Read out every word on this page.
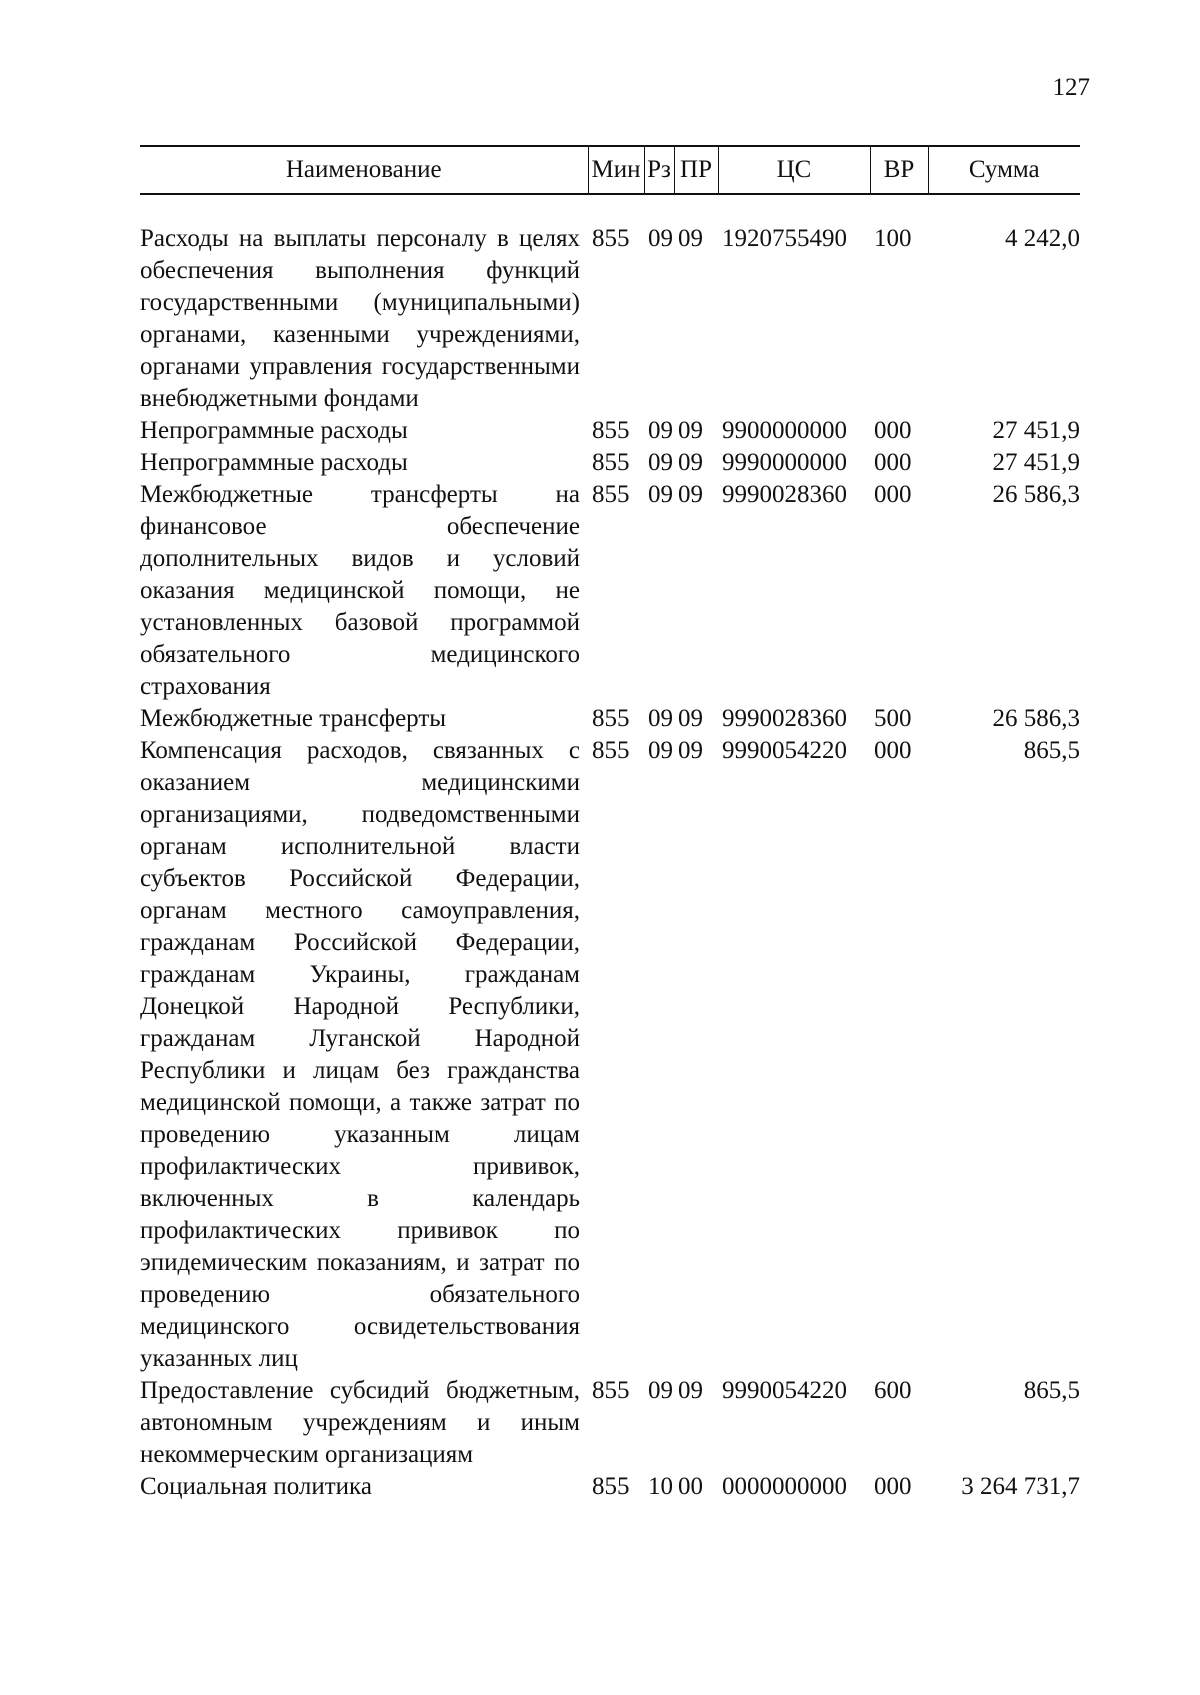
127
Наименование	Мин	Рз	ПР	ЦС	ВР	Сумма

Расходы на выплаты персоналу в целях обеспечения выполнения функций государственными (муниципальными) органами, казенными учреждениями, органами управления государственными внебюджетными фондами	855	09	09	1920755490	100	4 242,0
Непрограммные расходы	855	09	09	9900000000	000	27 451,9
Непрограммные расходы	855	09	09	9990000000	000	27 451,9
Межбюджетные трансферты на финансовое обеспечение дополнительных видов и условий оказания медицинской помощи, не установленных базовой программой обязательного медицинского страхования	855	09	09	9990028360	000	26 586,3
Межбюджетные трансферты	855	09	09	9990028360	500	26 586,3
Компенсация расходов, связанных с оказанием медицинскими организациями, подведомственными органам исполнительной власти субъектов Российской Федерации, органам местного самоуправления, гражданам Российской Федерации, гражданам Украины, гражданам Донецкой Народной Республики, гражданам Луганской Народной Республики и лицам без гражданства медицинской помощи, а также затрат по проведению указанным лицам профилактических прививок, включенных в календарь профилактических прививок по эпидемическим показаниям, и затрат по проведению обязательного медицинского освидетельствования указанных лиц	855	09	09	9990054220	000	865,5
Предоставление субсидий бюджетным, автономным учреждениям и иным некоммерческим организациям	855	09	09	9990054220	600	865,5
Социальная политика	855	10	00	0000000000	000	3 264 731,7
